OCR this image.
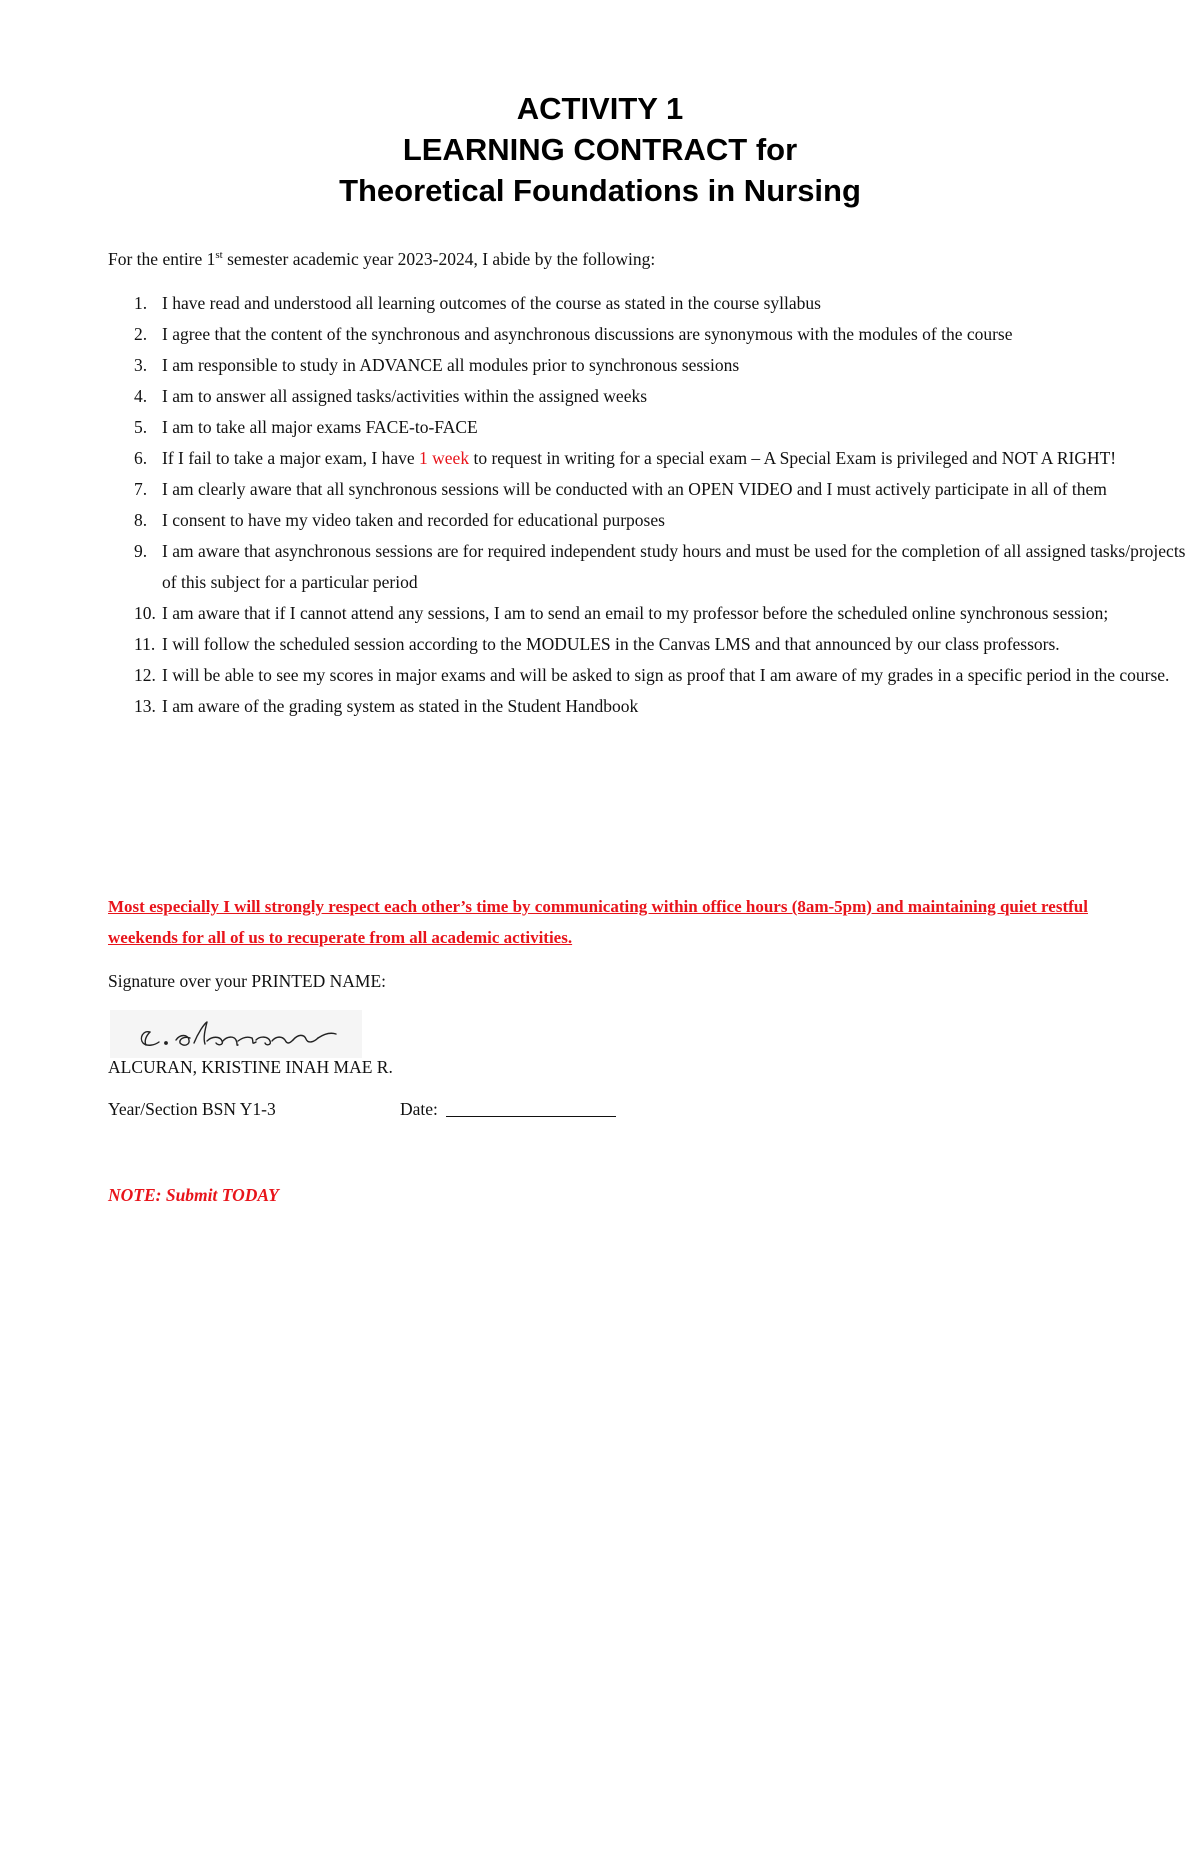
ACTIVITY 1
LEARNING CONTRACT for
Theoretical Foundations in Nursing
For the entire 1st semester academic year 2023-2024, I abide by the following:
1. I have read and understood all learning outcomes of the course as stated in the course syllabus
2. I agree that the content of the synchronous and asynchronous discussions are synonymous with the modules of the course
3. I am responsible to study in ADVANCE all modules prior to synchronous sessions
4. I am to answer all assigned tasks/activities within the assigned weeks
5. I am to take all major exams FACE-to-FACE
6. If I fail to take a major exam, I have 1 week to request in writing for a special exam – A Special Exam is privileged and NOT A RIGHT!
7. I am clearly aware that all synchronous sessions will be conducted with an OPEN VIDEO and I must actively participate in all of them
8. I consent to have my video taken and recorded for educational purposes
9. I am aware that asynchronous sessions are for required independent study hours and must be used for the completion of all assigned tasks/projects of this subject for a particular period
10. I am aware that if I cannot attend any sessions, I am to send an email to my professor before the scheduled online synchronous session;
11. I will follow the scheduled session according to the MODULES in the Canvas LMS and that announced by our class professors.
12. I will be able to see my scores in major exams and will be asked to sign as proof that I am aware of my grades in a specific period in the course.
13. I am aware of the grading system as stated in the Student Handbook
Most especially I will strongly respect each other’s time by communicating within office hours (8am-5pm) and maintaining quiet restful weekends for all of us to recuperate from all academic activities.
Signature over your PRINTED NAME:
ALCURAN, KRISTINE INAH MAE R.
Year/Section BSN Y1-3	Date:
NOTE: Submit TODAY
